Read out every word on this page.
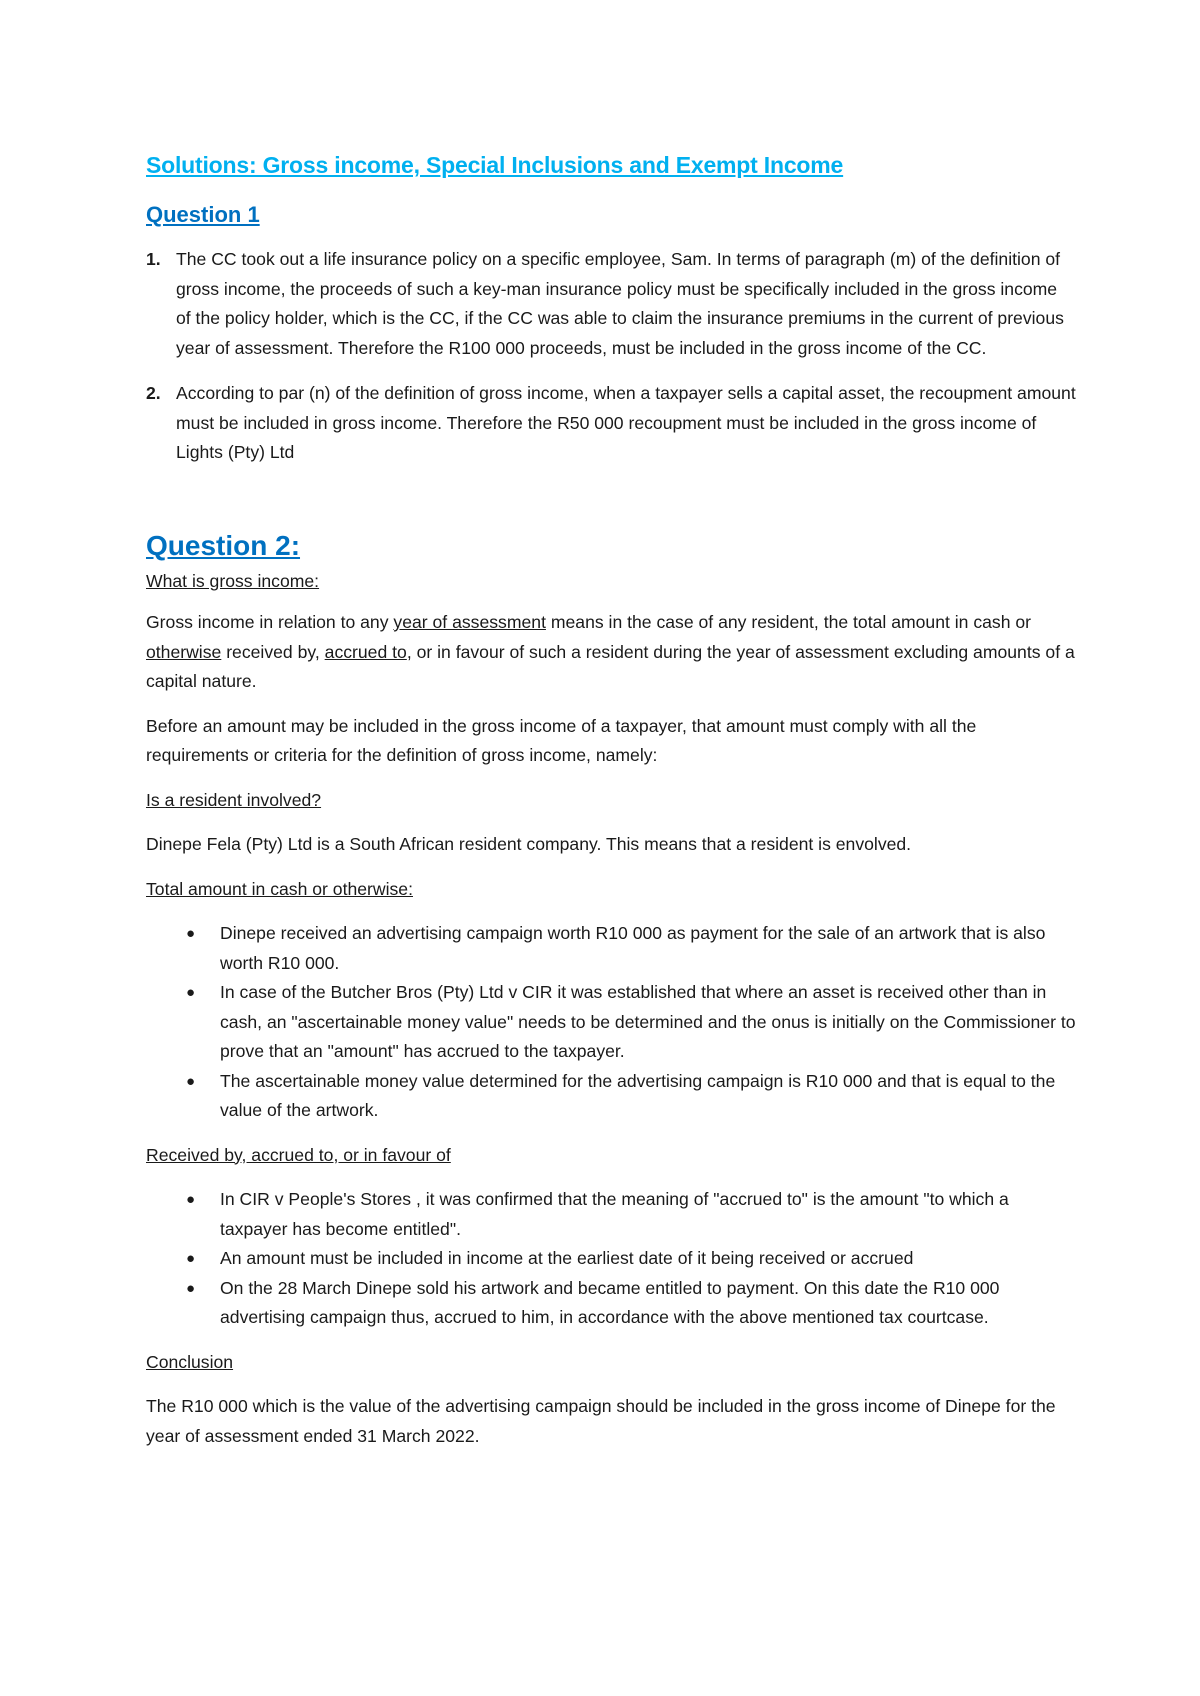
Solutions: Gross income, Special Inclusions and Exempt Income
Question 1
1. The CC took out a life insurance policy on a specific employee, Sam. In terms of paragraph (m) of the definition of gross income, the proceeds of such a key-man insurance policy must be specifically included in the gross income of the policy holder, which is the CC, if the CC was able to claim the insurance premiums in the current of previous year of assessment. Therefore the R100 000 proceeds, must be included in the gross income of the CC.
2. According to par (n) of the definition of gross income, when a taxpayer sells a capital asset, the recoupment amount must be included in gross income. Therefore the R50 000 recoupment must be included in the gross income of Lights (Pty) Ltd
Question 2:
What is gross income:

Gross income in relation to any year of assessment means in the case of any resident, the total amount in cash or otherwise received by, accrued to, or in favour of such a resident during the year of assessment excluding amounts of a capital nature.

Before an amount may be included in the gross income of a taxpayer, that amount must comply with all the requirements or criteria for the definition of gross income, namely:

Is a resident involved?

Dinepe Fela (Pty) Ltd is a South African resident company. This means that a resident is envolved.

Total amount in cash or otherwise:
● Dinepe received an advertising campaign worth R10 000 as payment for the sale of an artwork that is also worth R10 000.
● In case of the Butcher Bros (Pty) Ltd v CIR it was established that where an asset is received other than in cash, an "ascertainable money value" needs to be determined and the onus is initially on the Commissioner to prove that an "amount" has accrued to the taxpayer.
● The ascertainable money value determined for the advertising campaign is R10 000 and that is equal to the value of the artwork.
Received by, accrued to, or in favour of
● In CIR v People's Stores , it was confirmed that the meaning of "accrued to" is the amount "to which a taxpayer has become entitled".
● An amount must be included in income at the earliest date of it being received or accrued
● On the 28 March Dinepe sold his artwork and became entitled to payment. On this date the R10 000 advertising campaign thus, accrued to him, in accordance with the above mentioned tax courtcase.
Conclusion

The R10 000 which is the value of the advertising campaign should be included in the gross income of Dinepe for the year of assessment ended 31 March 2022.
